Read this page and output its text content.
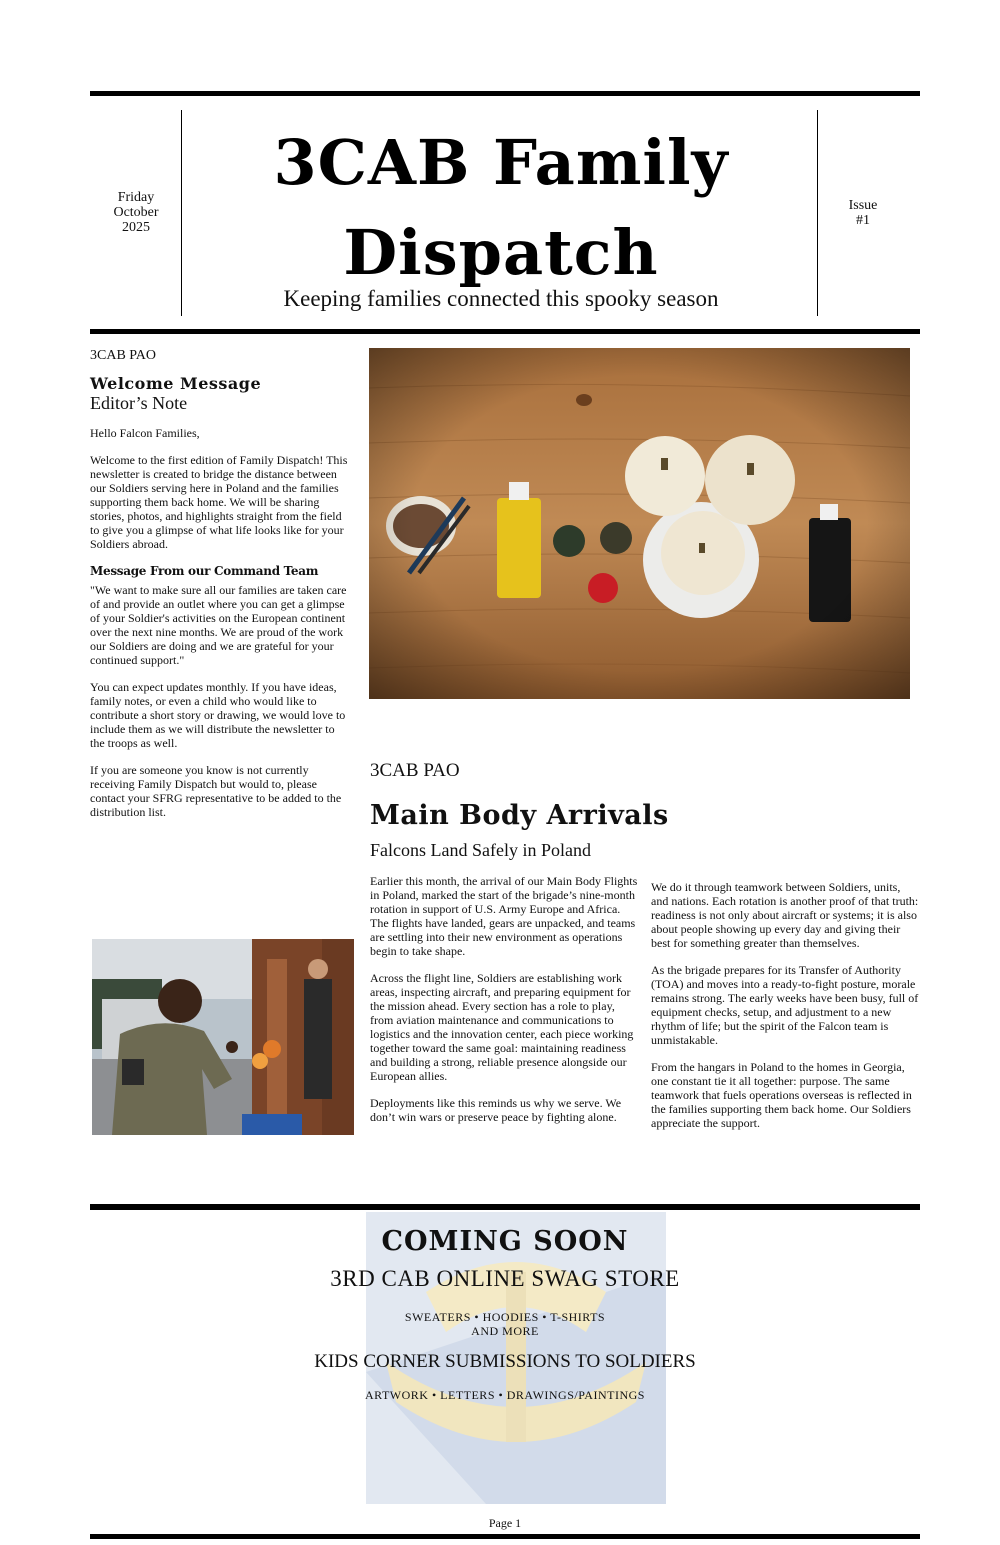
Friday
October
2025
3CAB Family Dispatch
Keeping families connected this spooky season
Issue
#1
3CAB PAO
Welcome Message
Editor’s Note

Hello Falcon Families,

Welcome to the first edition of Family Dispatch! This newsletter is created to bridge the distance between our Soldiers serving here in Poland and the families supporting them back home. We will be sharing stories, photos, and highlights straight from the field to give you a glimpse of what life looks like for your Soldiers abroad.

Message From our Command Team

"We want to make sure all our families are taken care of and provide an outlet where you can get a glimpse of your Soldier's activities on the European continent over the next nine months. We are proud of the work our Soldiers are doing and we are grateful for your continued support."

You can expect updates monthly. If you have ideas, family notes, or even a child who would like to contribute a short story or drawing, we would love to include them as we will distribute the newsletter to the troops as well.

If you are someone you know is not currently receiving Family Dispatch but would to, please contact your SFRG representative to be added to the distribution list.

3CAB PAO
Main Body Arrivals
Falcons Land Safely in Poland

Earlier this month, the arrival of our Main Body Flights in Poland, marked the start of the brigade’s nine-month rotation in support of U.S. Army Europe and Africa. The flights have landed, gears are unpacked, and teams are settling into their new environment as operations begin to take shape.

Across the flight line, Soldiers are establishing work areas, inspecting aircraft, and preparing equipment for the mission ahead. Every section has a role to play, from aviation maintenance and communications to logistics and the innovation center, each piece working together toward the same goal: maintaining readiness and building a strong, reliable presence alongside our European allies.

Deployments like this reminds us why we serve. We don’t win wars or preserve peace by fighting alone.

We do it through teamwork between Soldiers, units, and nations. Each rotation is another proof of that truth: readiness is not only about aircraft or systems; it is also about people showing up every day and giving their best for something greater than themselves.

As the brigade prepares for its Transfer of Authority (TOA) and moves into a ready-to-fight posture, morale remains strong. The early weeks have been busy, full of equipment checks, setup, and adjustment to a new rhythm of life; but the spirit of the Falcon team is unmistakable.

From the hangars in Poland to the homes in Georgia, one constant tie it all together: purpose. The same teamwork that fuels operations overseas is reflected in the families supporting them back home. Our Soldiers appreciate the support.

COMING SOON
3RD CAB ONLINE SWAG STORE
SWEATERS • HOODIES • T-SHIRTS
AND MORE
KIDS CORNER SUBMISSIONS TO SOLDIERS
ARTWORK • LETTERS • DRAWINGS/PAINTINGS
Page 1
